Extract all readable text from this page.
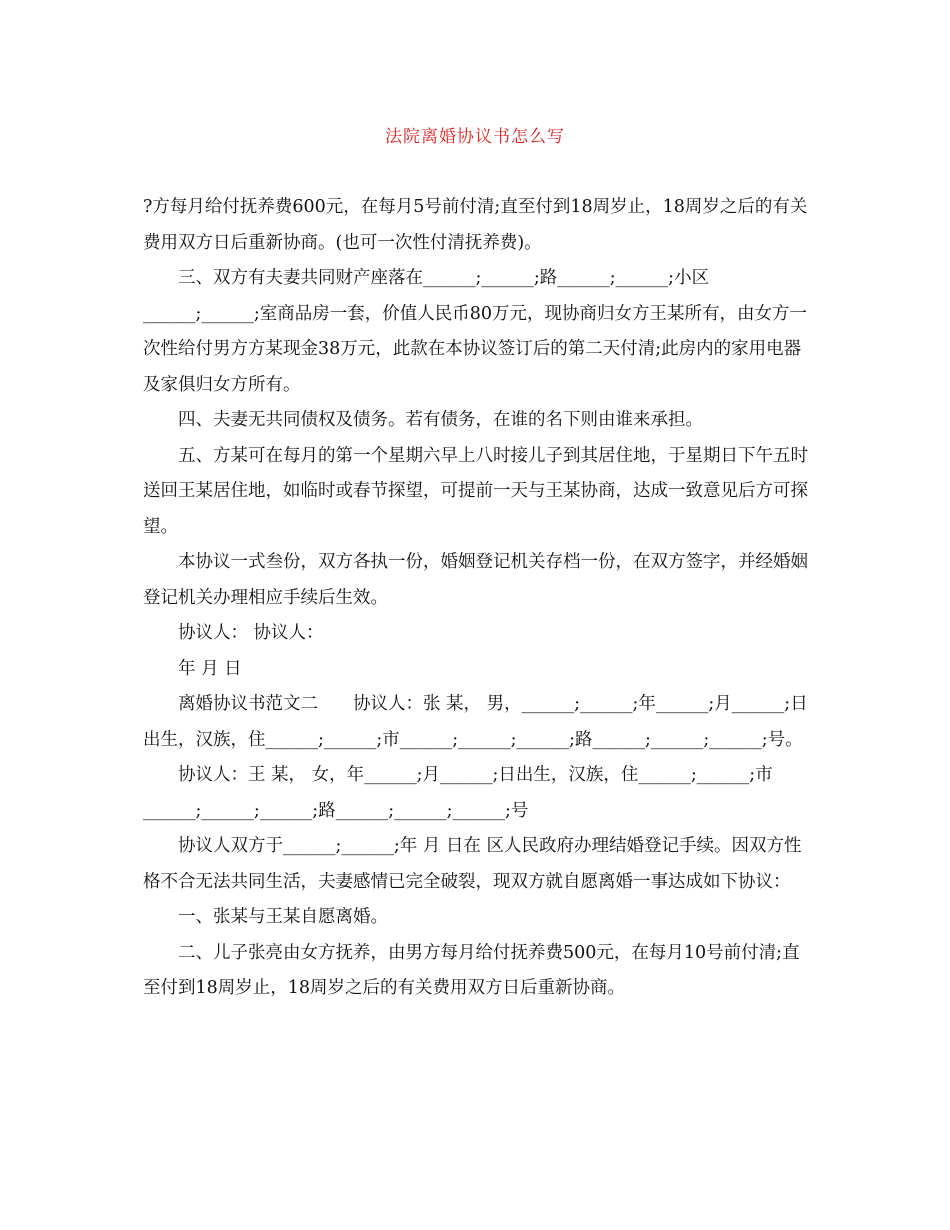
法院离婚协议书怎么写

?方每月给付抚养费600元，在每月5号前付清;直至付到18周岁止，18周岁之后的有关费用双方日后重新协商。(也可一次性付清抚养费)。

三、双方有夫妻共同财产座落在______;______;路______;______;小区______;______;室商品房一套，价值人民币80万元，现协商归女方王某所有，由女方一次性给付男方方某现金38万元，此款在本协议签订后的第二天付清;此房内的家用电器及家俱归女方所有。

四、夫妻无共同债权及债务。若有债务，在谁的名下则由谁来承担。

五、方某可在每月的第一个星期六早上八时接儿子到其居住地，于星期日下午五时送回王某居住地，如临时或春节探望，可提前一天与王某协商，达成一致意见后方可探望。

本协议一式叁份，双方各执一份，婚姻登记机关存档一份，在双方签字，并经婚姻登记机关办理相应手续后生效。

协议人： 协议人：

年 月 日

离婚协议书范文二　　协议人：张 某， 男，______;______;年______;月______;日出生，汉族，住______;______;市______;______;______;路______;______;______;号。

协议人：王 某， 女，年______;月______;日出生，汉族，住______;______;市______;______;______;路______;______;______;号

协议人双方于______;______;年 月 日在 区人民政府办理结婚登记手续。因双方性格不合无法共同生活，夫妻感情已完全破裂，现双方就自愿离婚一事达成如下协议：

一、张某与王某自愿离婚。

二、儿子张亮由女方抚养，由男方每月给付抚养费500元，在每月10号前付清;直至付到18周岁止，18周岁之后的有关费用双方日后重新协商。
